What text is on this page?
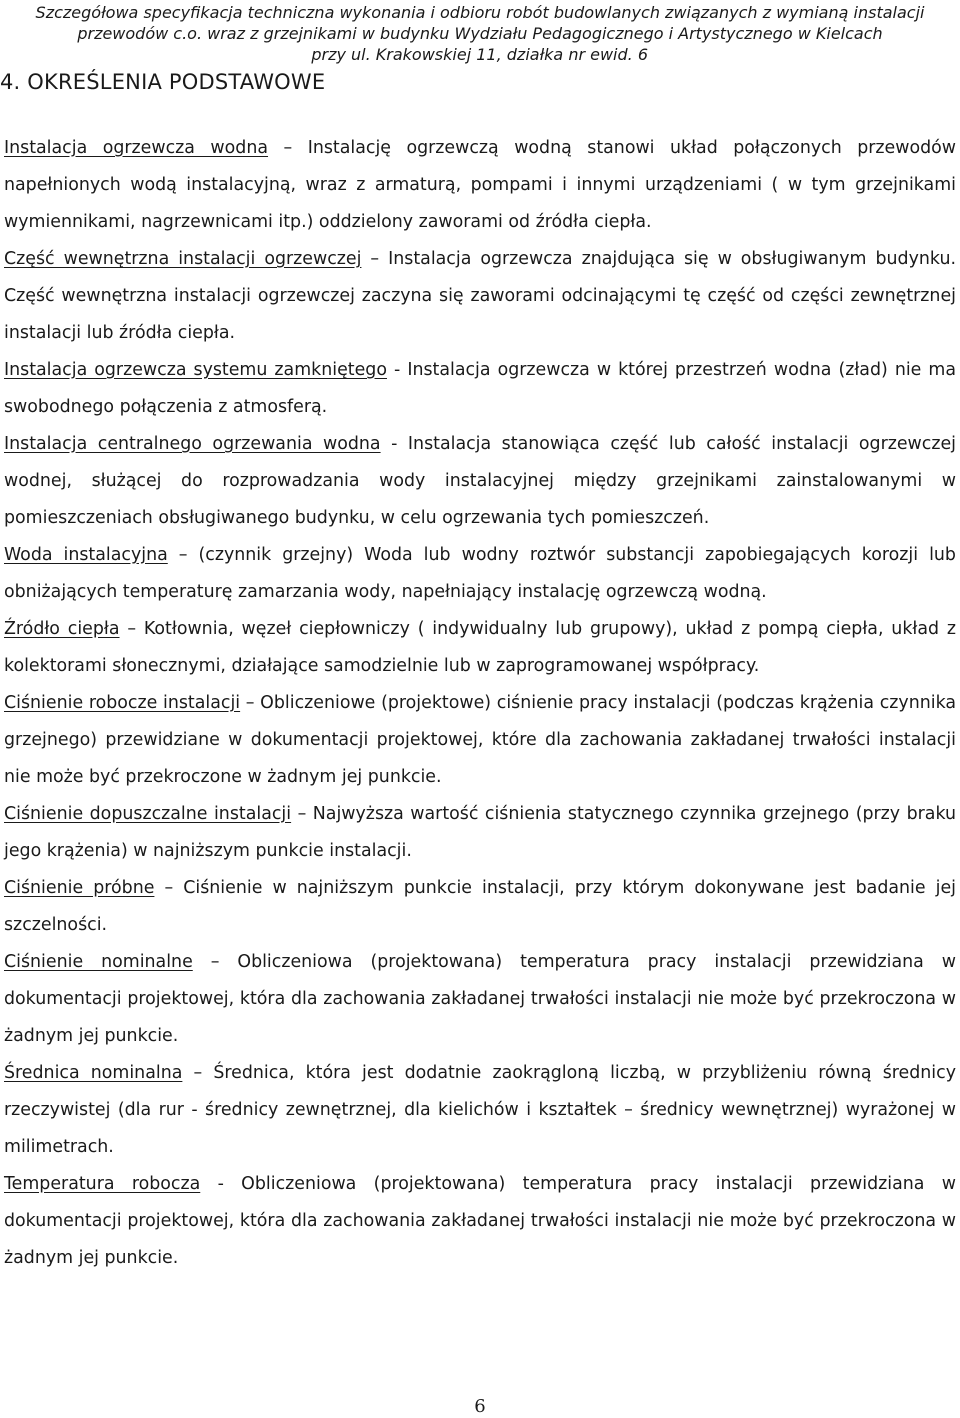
Szczegółowa specyfikacja techniczna wykonania i odbioru robót budowlanych związanych z wymianą instalacji
przewodów c.o. wraz z grzejnikami w budynku Wydziału Pedagogicznego i Artystycznego w Kielcach
przy ul. Krakowskiej 11, działka nr ewid. 6
4. OKREŚLENIA PODSTAWOWE

Instalacja ogrzewcza wodna – Instalację ogrzewczą wodną stanowi układ połączonych przewodów napełnionych wodą instalacyjną, wraz z armaturą, pompami i innymi urządzeniami ( w tym grzejnikami wymiennikami, nagrzewnicami itp.) oddzielony zaworami od źródła ciepła.

Część wewnętrzna instalacji ogrzewczej – Instalacja ogrzewcza znajdująca się w obsługiwanym budynku. Część wewnętrzna instalacji ogrzewczej zaczyna się zaworami odcinającymi tę część od części zewnętrznej instalacji lub źródła ciepła.

Instalacja ogrzewcza systemu zamkniętego - Instalacja ogrzewcza w której przestrzeń wodna (zład) nie ma swobodnego połączenia z atmosferą.

Instalacja centralnego ogrzewania wodna - Instalacja stanowiąca część lub całość instalacji ogrzewczej wodnej, służącej do rozprowadzania wody instalacyjnej między grzejnikami zainstalowanymi w pomieszczeniach obsługiwanego budynku, w celu ogrzewania tych pomieszczeń.

Woda instalacyjna – (czynnik grzejny) Woda lub wodny roztwór substancji zapobiegających korozji lub obniżających temperaturę zamarzania wody, napełniający instalację ogrzewczą wodną.

Źródło ciepła – Kotłownia, węzeł ciepłowniczy ( indywidualny lub grupowy), układ z pompą ciepła, układ z kolektorami słonecznymi, działające samodzielnie lub w zaprogramowanej współpracy.

Ciśnienie robocze instalacji – Obliczeniowe (projektowe) ciśnienie pracy instalacji (podczas krążenia czynnika grzejnego) przewidziane w dokumentacji projektowej, które dla zachowania zakładanej trwałości instalacji nie może być przekroczone w żadnym jej punkcie.

Ciśnienie dopuszczalne instalacji – Najwyższa wartość ciśnienia statycznego czynnika grzejnego (przy braku jego krążenia) w najniższym punkcie instalacji.

Ciśnienie próbne – Ciśnienie w najniższym punkcie instalacji, przy którym dokonywane jest badanie jej szczelności.

Ciśnienie nominalne – Obliczeniowa (projektowana) temperatura pracy instalacji przewidziana w dokumentacji projektowej, która dla zachowania zakładanej trwałości instalacji nie może być przekroczona w żadnym jej punkcie.

Średnica nominalna – Średnica, która jest dodatnie zaokrągloną liczbą, w przybliżeniu równą średnicy rzeczywistej (dla rur - średnicy zewnętrznej, dla kielichów i kształtek – średnicy wewnętrznej) wyrażonej w milimetrach.

Temperatura robocza - Obliczeniowa (projektowana) temperatura pracy instalacji przewidziana w dokumentacji projektowej, która dla zachowania zakładanej trwałości instalacji nie może być przekroczona w żadnym jej punkcie.

6
